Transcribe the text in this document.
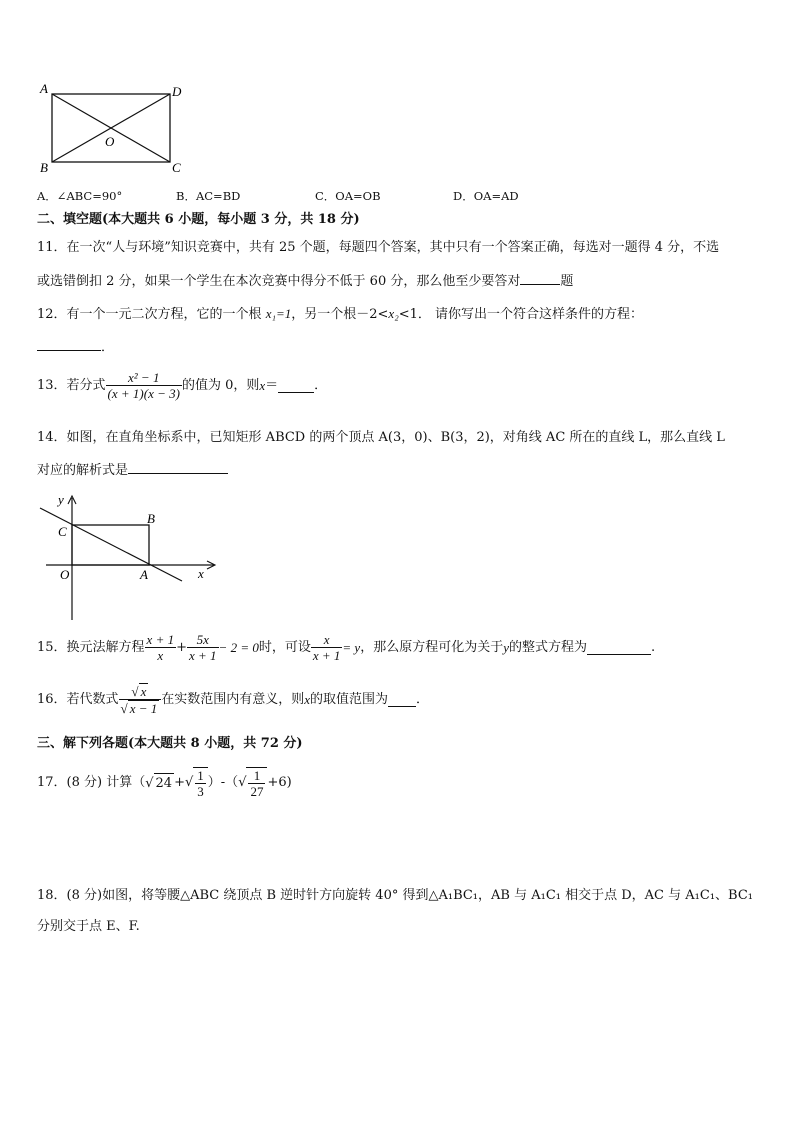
A	D
B	C
O
A．∠ABC=90°	B．AC=BD	C．OA=OB	D．OA=AD
二、填空题(本大题共 6 小题，每小题 3 分，共 18 分)
11．在一次“人与环境”知识竞赛中，共有 25 个题，每题四个答案，其中只有一个答案正确，每选对一题得 4 分，不选
或选错倒扣 2 分，如果一个学生在本次竞赛中得分不低于 60 分，那么他至少要答对	题
12．有一个一元二次方程，它的一个根 x₁=1，另一个根－2<x₂<1． 请你写出一个符合这样条件的方程：
．
13．若分式 $\frac{\text{x² − 1}}{(x + 1)(x - 3)}$ 的值为 0，则 x ＝	．
14．如图，在直角坐标系中，已知矩形 ABCD 的两个顶点 A(3，0)、B(3，2)，对角线 AC 所在的直线 L，那么直线 L
对应的解析式是
y
x
O	A
B
C
15．换元法解方程 $\frac{x + 1}{x} + \frac{5x}{x + 1} - 2 = 0$ 时，可设 $\frac{x}{x + 1} = y$ ，那么原方程可化为关于 y 的整式方程为	.
16．若代数式 $\frac{√ x}{√ x - 1}$ 在实数范围内有意义，则 x 的取值范围为 ．
三、解下列各题(本大题共 8 小题，共 72 分)
17．(8 分) 计算（ √ 24 + √ $\frac{1}{3}$ ）-（ √ $\frac{1}{27} +6$)
18．(8 分)如图，将等腰△ABC 绕顶点 B 逆时针方向旋转 40° 得到△A₁BC₁，AB 与 A₁C₁ 相交于点 D，AC 与 A₁C₁、BC₁
分别交于点 E、F.
